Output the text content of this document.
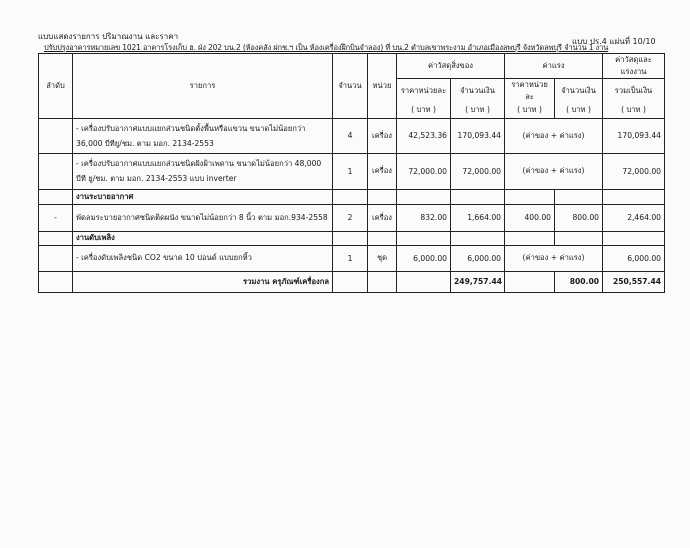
แบบแสดงรายการ ปริมาณงาน และราคา
แบบ ปร.4 แผ่นที่ 10/10
ปรับปรุงอาคารหมายเลข 1021 อาคารโรงเก็บ ฮ. ฝ่ง 202 บน.2 (ห้องคลัง ฝกช.ฯ เป็น ห้องเครื่องฝึกบินจำลอง) ที่ บน.2 ตำบลเขาพระงาม อำเภอเมืองลพบุรี จังหวัดลพบุรี จำนวน 1 งาน
ลำดับ	รายการ	จำนวน	หน่วย	ค่าวัสดุสิ่งของ		ค่าแรง		ค่าวัสดุและแรงงาน
				ราคาหน่วยละ	จำนวนเงิน	ราคาหน่วยละ	จำนวนเงิน	รวมเป็นเงิน
				( บาท )	( บาท )	( บาท )	( บาท )	( บาท )
	- เครื่องปรับอากาศแบบแยกส่วนชนิดตั้งพื้นหรือแขวน ขนาดไม่น้อยกว่า 36,000 บีทียู/ชม. ตาม มอก. 2134-2553	4	เครื่อง	42,523.36	170,093.44	(ค่าของ + ค่าแรง)		170,093.44
	- เครื่องปรับอากาศแบบแยกส่วนชนิดฝังฝ้าเพดาน ขนาดไม่น้อยกว่า 48,000 บีที ยู/ชม. ตาม มอก. 2134-2553 แบบ inverter	1	เครื่อง	72,000.00	72,000.00	(ค่าของ + ค่าแรง)		72,000.00
	งานระบายอากาศ							
-	พัดลมระบายอากาศชนิดติดผนัง ขนาดไม่น้อยกว่า 8 นิ้ว ตาม มอก.934-2558	2	เครื่อง	832.00	1,664.00	400.00	800.00	2,464.00
	งานดับเพลิง							
	- เครื่องดับเพลิงชนิด CO2 ขนาด 10 ปอนด์ แบบยกหิ้ว	1	ชุด	6,000.00	6,000.00	(ค่าของ + ค่าแรง)		6,000.00
	รวมงาน ครุภัณฑ์เครื่องกล				249,757.44		800.00	250,557.44
